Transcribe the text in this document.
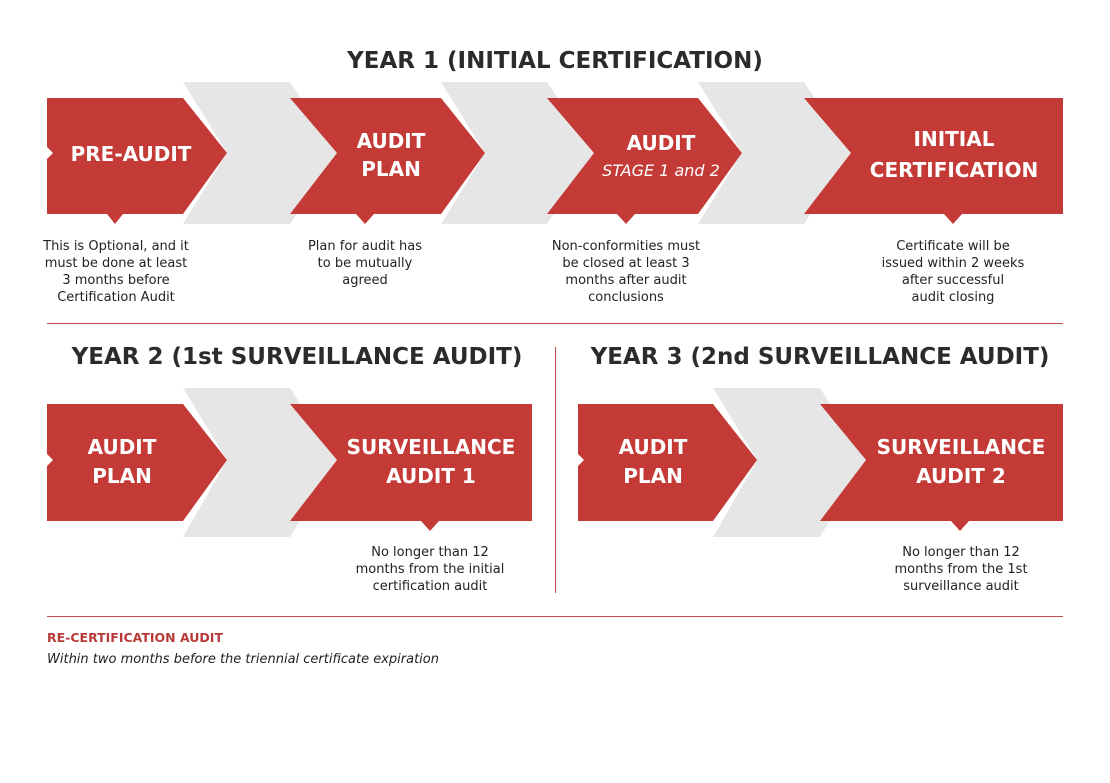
YEAR 1 (INITIAL CERTIFICATION)
PRE-AUDIT
AUDIT
PLAN
AUDIT
STAGE 1 and 2
INITIAL
CERTIFICATION
AUDIT
PLAN
SURVEILLANCE
AUDIT 1
AUDIT
PLAN
SURVEILLANCE
AUDIT 2

This is Optional, and it
must be done at least
3 months before
Certification Audit

Plan for audit has
to be mutually
agreed

Non-conformities must
be closed at least 3
months after audit
conclusions

Certificate will be
issued within 2 weeks
after successful
audit closing

YEAR 2 (1st SURVEILLANCE AUDIT)	YEAR 3 (2nd SURVEILLANCE AUDIT)

No longer than 12
months from the initial
certification audit

No longer than 12
months from the 1st
surveillance audit

RE-CERTIFICATION AUDIT

Within two months before the triennial certificate expiration
